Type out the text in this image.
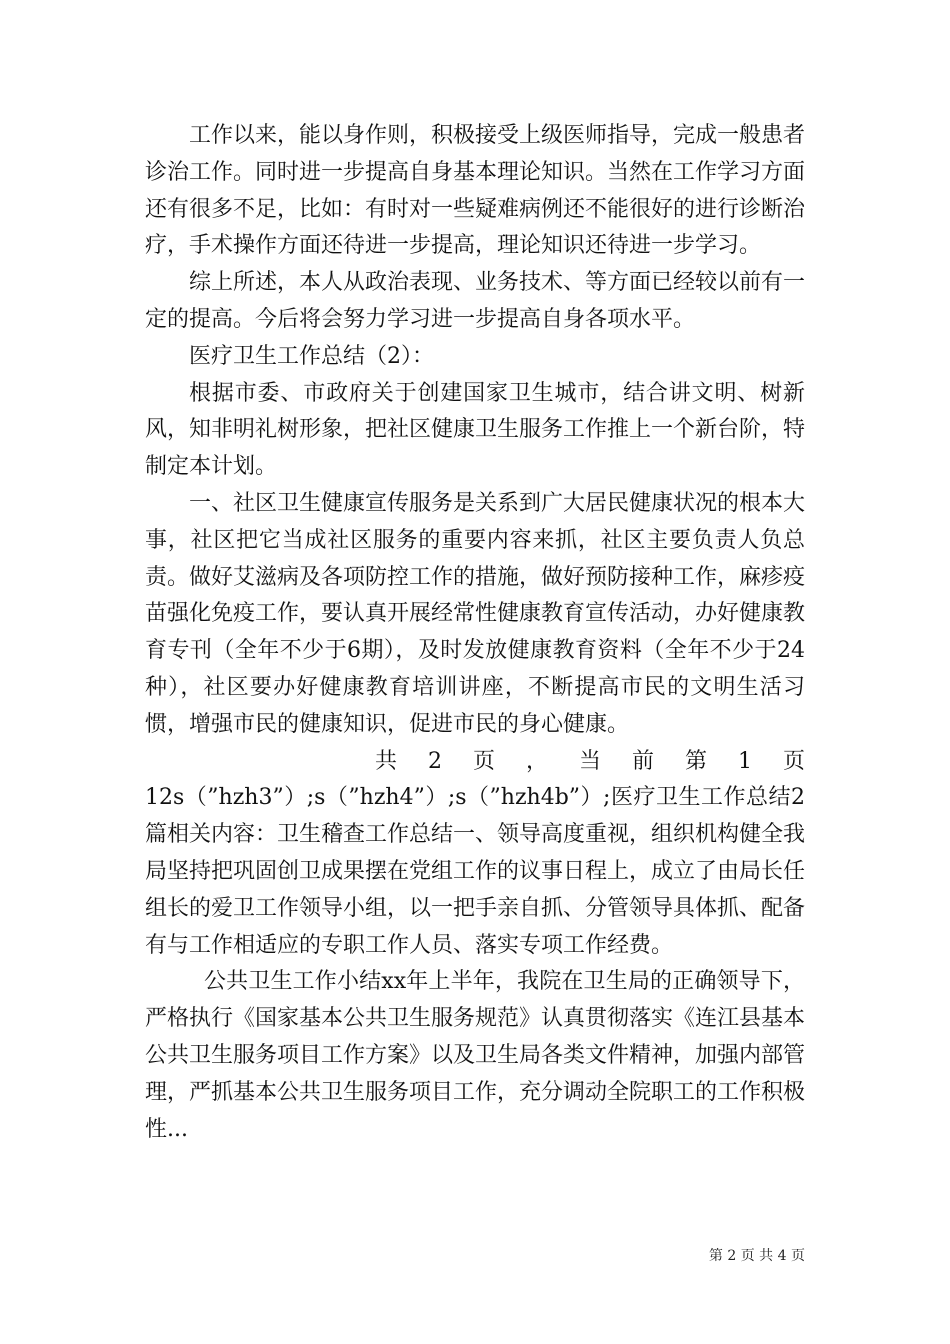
工作以来，能以身作则，积极接受上级医师指导，完成一般患者诊治工作。同时进一步提高自身基本理论知识。当然在工作学习方面还有很多不足，比如：有时对一些疑难病例还不能很好的进行诊断治疗，手术操作方面还待进一步提高，理论知识还待进一步学习。

综上所述，本人从政治表现、业务技术、等方面已经较以前有一定的提高。今后将会努力学习进一步提高自身各项水平。

医疗卫生工作总结（2）：

根据市委、市政府关于创建国家卫生城市，结合讲文明、树新风，知非明礼树形象，把社区健康卫生服务工作推上一个新台阶，特制定本计划。

一、社区卫生健康宣传服务是关系到广大居民健康状况的根本大事，社区把它当成社区服务的重要内容来抓，社区主要负责人负总责。做好艾滋病及各项防控工作的措施，做好预防接种工作，麻疹疫苗强化免疫工作，要认真开展经常性健康教育宣传活动，办好健康教育专刊（全年不少于6期），及时发放健康教育资料（全年不少于24种），社区要办好健康教育培训讲座，不断提高市民的文明生活习惯，增强市民的健康知识，促进市民的身心健康。

共 2 页 ， 当 前 第 1 页

12s（”hzh3”）;s（”hzh4”）;s（”hzh4b”）;医疗卫生工作总结2篇相关内容：卫生稽查工作总结一、领导高度重视，组织机构健全我局坚持把巩固创卫成果摆在党组工作的议事日程上，成立了由局长任组长的爱卫工作领导小组，以一把手亲自抓、分管领导具体抓、配备有与工作相适应的专职工作人员、落实专项工作经费。

公共卫生工作小结xx年上半年，我院在卫生局的正确领导下，严格执行《国家基本公共卫生服务规范》认真贯彻落实《连江县基本公共卫生服务项目工作方案》以及卫生局各类文件精神，加强内部管理，严抓基本公共卫生服务项目工作，充分调动全院职工的工作积极性...

第 2 页 共 4 页
